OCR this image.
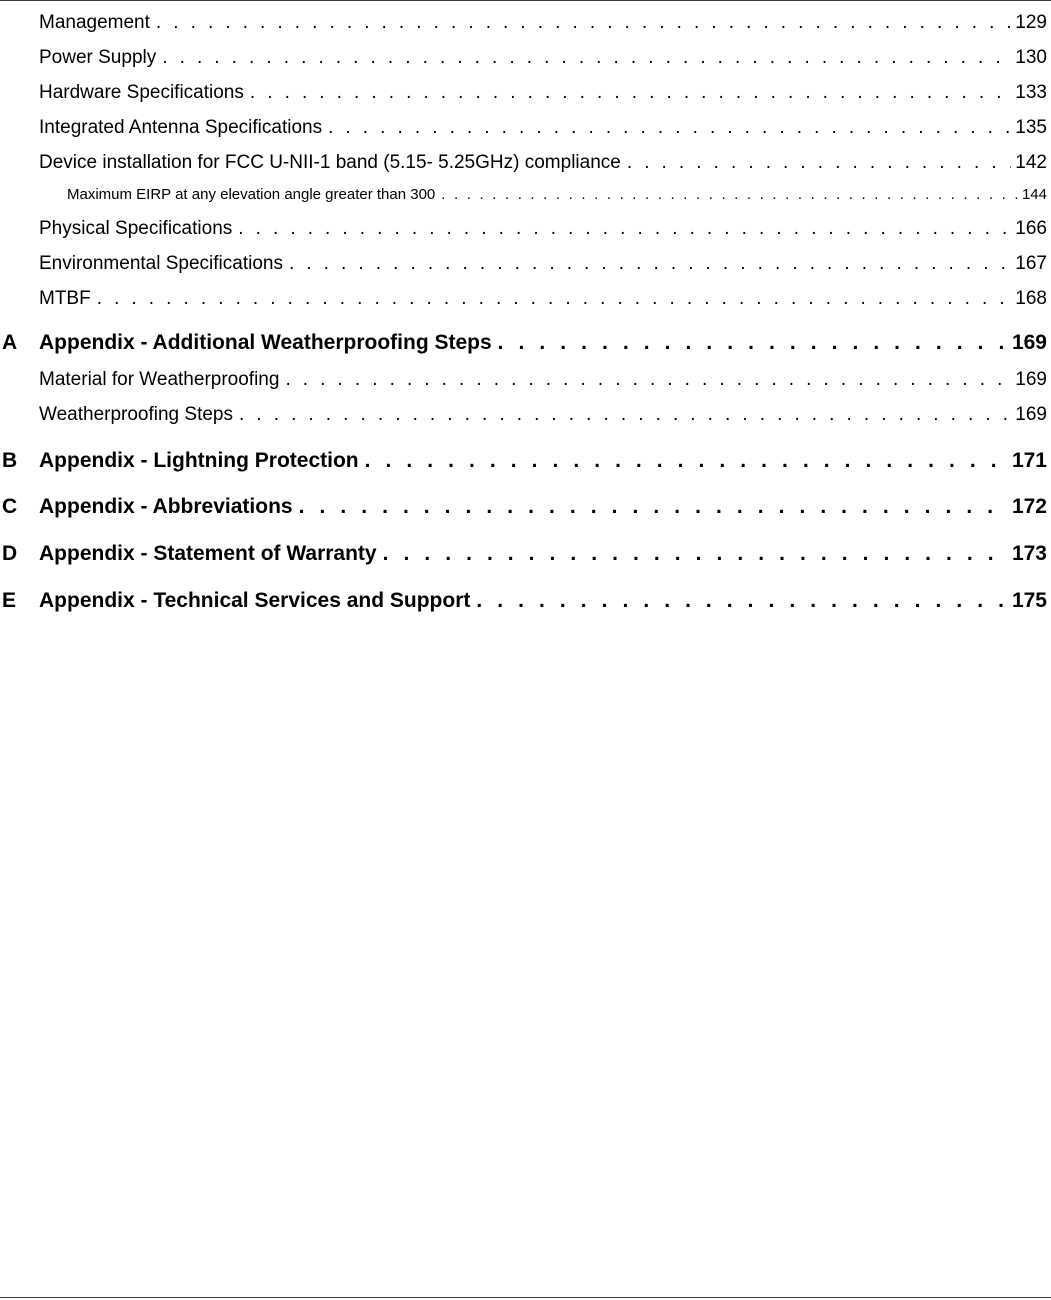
Management . . .	129
Power Supply . . .	130
Hardware Specifications . . .	133
Integrated Antenna Specifications . . .	135
Device installation for FCC U-NII-1 band (5.15- 5.25GHz) compliance . . .	142
Maximum EIRP at any elevation angle greater than 300 . . .	144
Physical Specifications . . .	166
Environmental Specifications . . .	167
MTBF . . .	168
A Appendix - Additional Weatherproofing Steps . . .	169
Material for Weatherproofing . . .	169
Weatherproofing Steps . . .	169
B Appendix - Lightning Protection . . .	171
C Appendix - Abbreviations . . .	172
D Appendix - Statement of Warranty . . .	173
E Appendix - Technical Services and Support . . .	175
